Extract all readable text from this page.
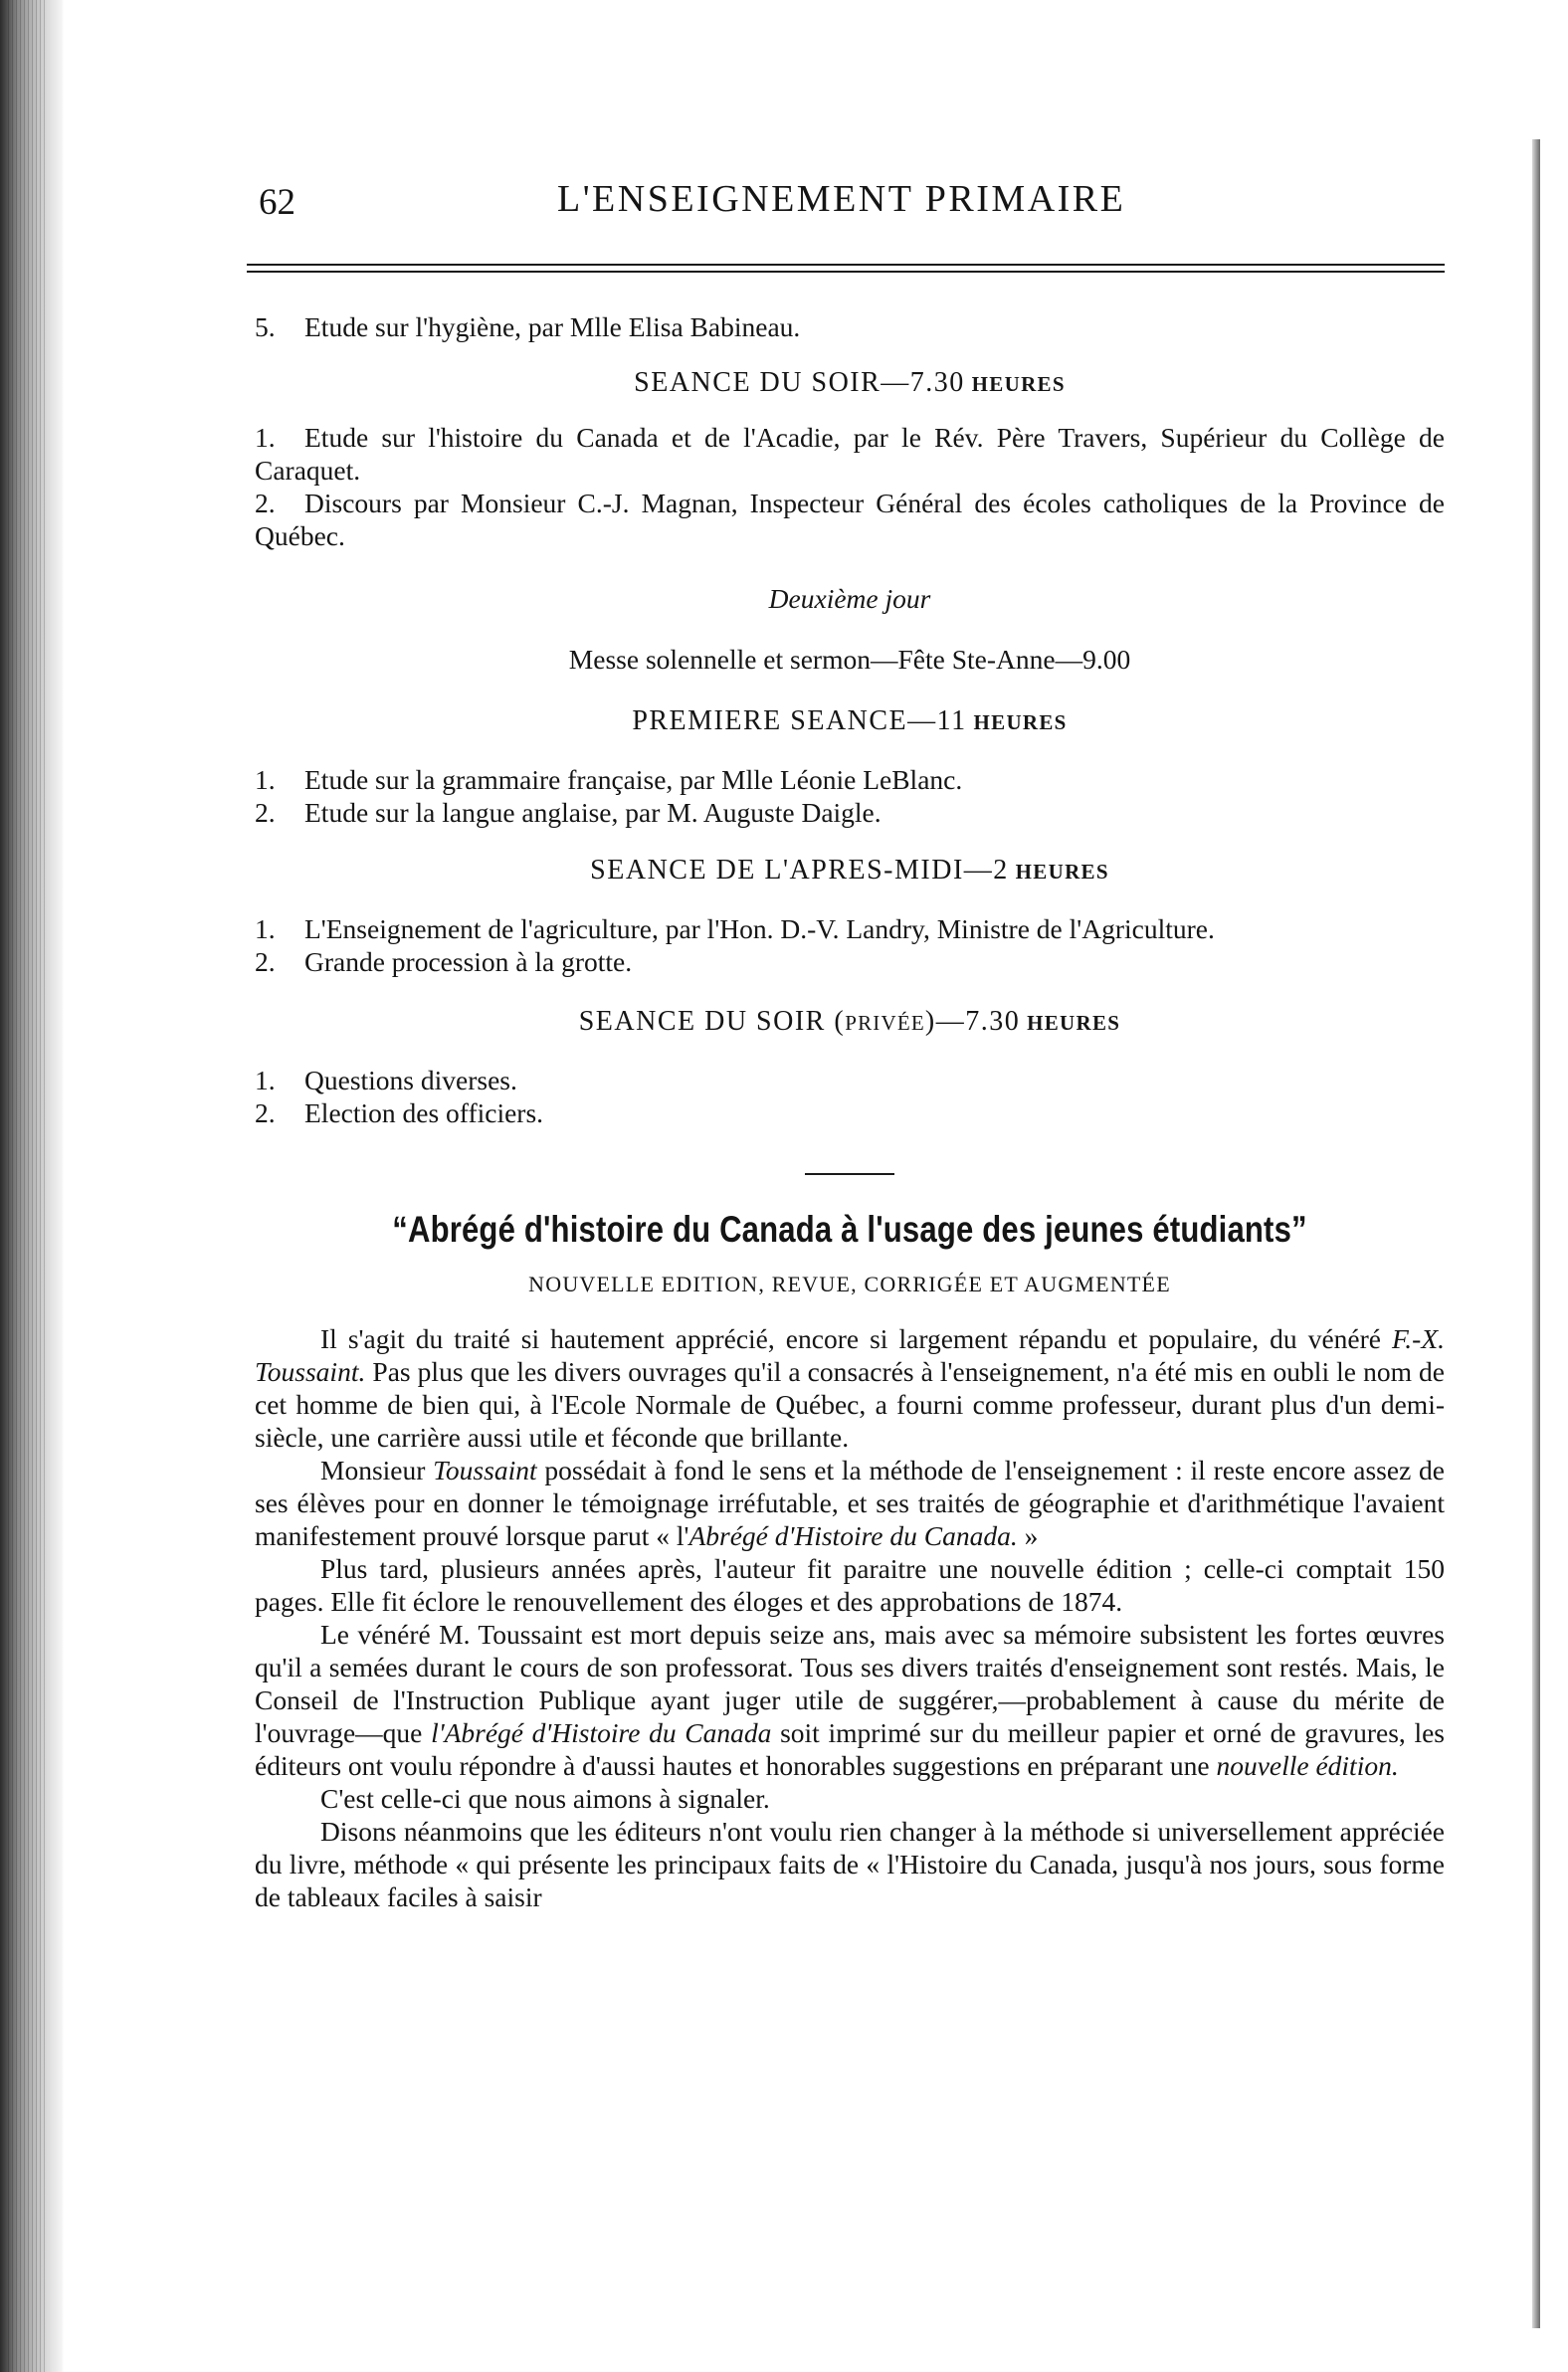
62	L'ENSEIGNEMENT PRIMAIRE

5. Etude sur l'hygiène, par Mlle Elisa Babineau.

SEANCE DU SOIR—7.30 HEURES

1. Etude sur l'histoire du Canada et de l'Acadie, par le Rév. Père Travers, Supérieur du Collège de Caraquet.

2. Discours par Monsieur C.-J. Magnan, Inspecteur Général des écoles catholiques de la Province de Québec.

Deuxième jour

Messe solennelle et sermon—Fête Ste-Anne—9.00

PREMIERE SEANCE—11 HEURES

1. Etude sur la grammaire française, par Mlle Léonie LeBlanc.

2. Etude sur la langue anglaise, par M. Auguste Daigle.

SEANCE DE L'APRES-MIDI—2 HEURES

1. L'Enseignement de l'agriculture, par l'Hon. D.-V. Landry, Ministre de l'Agriculture.

2. Grande procession à la grotte.

SEANCE DU SOIR (PRIVÉE)—7.30 HEURES

1. Questions diverses.

2. Election des officiers.

“Abrégé d'histoire du Canada à l'usage des jeunes étudiants”

NOUVELLE EDITION, REVUE, CORRIGÉE ET AUGMENTÉE

Il s'agit du traité si hautement apprécié, encore si largement répandu et populaire, du vénéré F.-X. Toussaint. Pas plus que les divers ouvrages qu'il a consacrés à l'enseignement, n'a été mis en oubli le nom de cet homme de bien qui, à l'Ecole Normale de Québec, a fourni comme professeur, durant plus d'un demi-siècle, une carrière aussi utile et féconde que brillante.

Monsieur Toussaint possédait à fond le sens et la méthode de l'enseignement : il reste encore assez de ses élèves pour en donner le témoignage irréfutable, et ses traités de géographie et d'arithmétique l'avaient manifestement prouvé lorsque parut « l'Abrégé d'Histoire du Canada. »

Plus tard, plusieurs années après, l'auteur fit paraitre une nouvelle édition ; celle-ci comptait 150 pages. Elle fit éclore le renouvellement des éloges et des approbations de 1874.

Le vénéré M. Toussaint est mort depuis seize ans, mais avec sa mémoire subsistent les fortes œuvres qu'il a semées durant le cours de son professorat. Tous ses divers traités d'enseignement sont restés. Mais, le Conseil de l'Instruction Publique ayant juger utile de suggérer,—probablement à cause du mérite de l'ouvrage—que l'Abrégé d'Histoire du Canada soit imprimé sur du meilleur papier et orné de gravures, les éditeurs ont voulu répondre à d'aussi hautes et honorables suggestions en préparant une nouvelle édition.

C'est celle-ci que nous aimons à signaler.

Disons néanmoins que les éditeurs n'ont voulu rien changer à la méthode si universellement appréciée du livre, méthode « qui présente les principaux faits de « l'Histoire du Canada, jusqu'à nos jours, sous forme de tableaux faciles à saisir
